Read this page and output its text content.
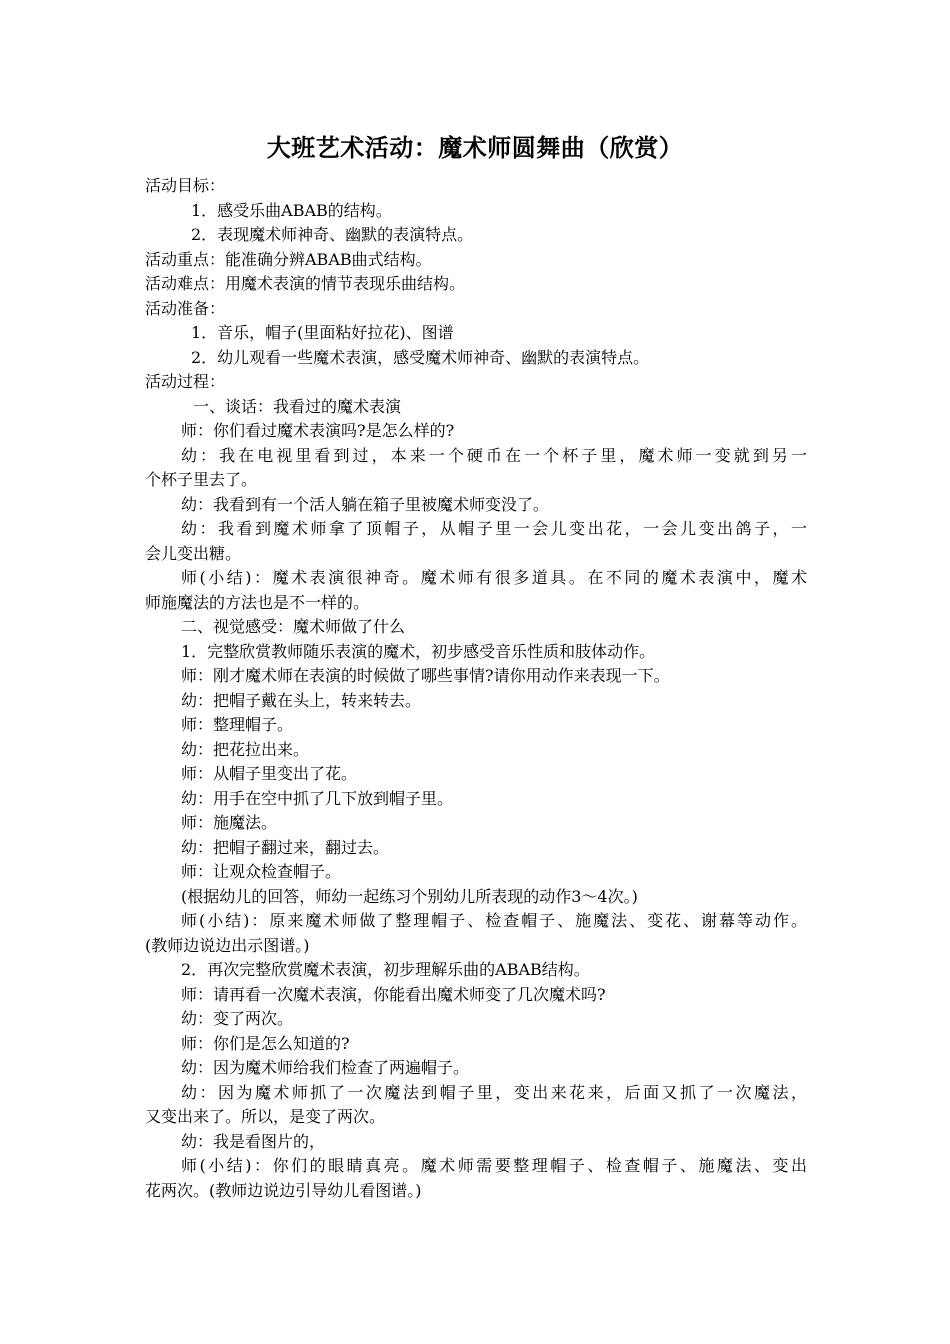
大班艺术活动：魔术师圆舞曲（欣赏）
活动目标：
1．感受乐曲ABAB的结构。
2．表现魔术师神奇、幽默的表演特点。
活动重点：能准确分辨ABAB曲式结构。
活动难点：用魔术表演的情节表现乐曲结构。
活动准备：
1．音乐，帽子(里面粘好拉花)、图谱
2．幼儿观看一些魔术表演，感受魔术师神奇、幽默的表演特点。
活动过程：
一、谈话：我看过的魔术表演
师：你们看过魔术表演吗?是怎么样的?
幼：我在电视里看到过，本来一个硬币在一个杯子里，魔术师一变就到另一
个杯子里去了。
幼：我看到有一个活人躺在箱子里被魔术师变没了。
幼：我看到魔术师拿了顶帽子，从帽子里一会儿变出花，一会儿变出鸽子，一
会儿变出糖。
师(小结)：魔术表演很神奇。魔术师有很多道具。在不同的魔术表演中，魔术
师施魔法的方法也是不一样的。
二、视觉感受：魔术师做了什么
1．完整欣赏教师随乐表演的魔术，初步感受音乐性质和肢体动作。
师：刚才魔术师在表演的时候做了哪些事情?请你用动作来表现一下。
幼：把帽子戴在头上，转来转去。
师：整理帽子。
幼：把花拉出来。
师：从帽子里变出了花。
幼：用手在空中抓了几下放到帽子里。
师：施魔法。
幼：把帽子翻过来，翻过去。
师：让观众检查帽子。
(根据幼儿的回答，师幼一起练习个别幼儿所表现的动作3～4次。)
师(小结)：原来魔术师做了整理帽子、检查帽子、施魔法、变花、谢幕等动作。
(教师边说边出示图谱。)
2．再次完整欣赏魔术表演，初步理解乐曲的ABAB结构。
师：请再看一次魔术表演，你能看出魔术师变了几次魔术吗?
幼：变了两次。
师：你们是怎么知道的?
幼：因为魔术师给我们检查了两遍帽子。
幼：因为魔术师抓了一次魔法到帽子里，变出来花来，后面又抓了一次魔法，
又变出来了。所以，是变了两次。
幼：我是看图片的，
师(小结)：你们的眼睛真亮。魔术师需要整理帽子、检查帽子、施魔法、变出
花两次。(教师边说边引导幼儿看图谱。)
